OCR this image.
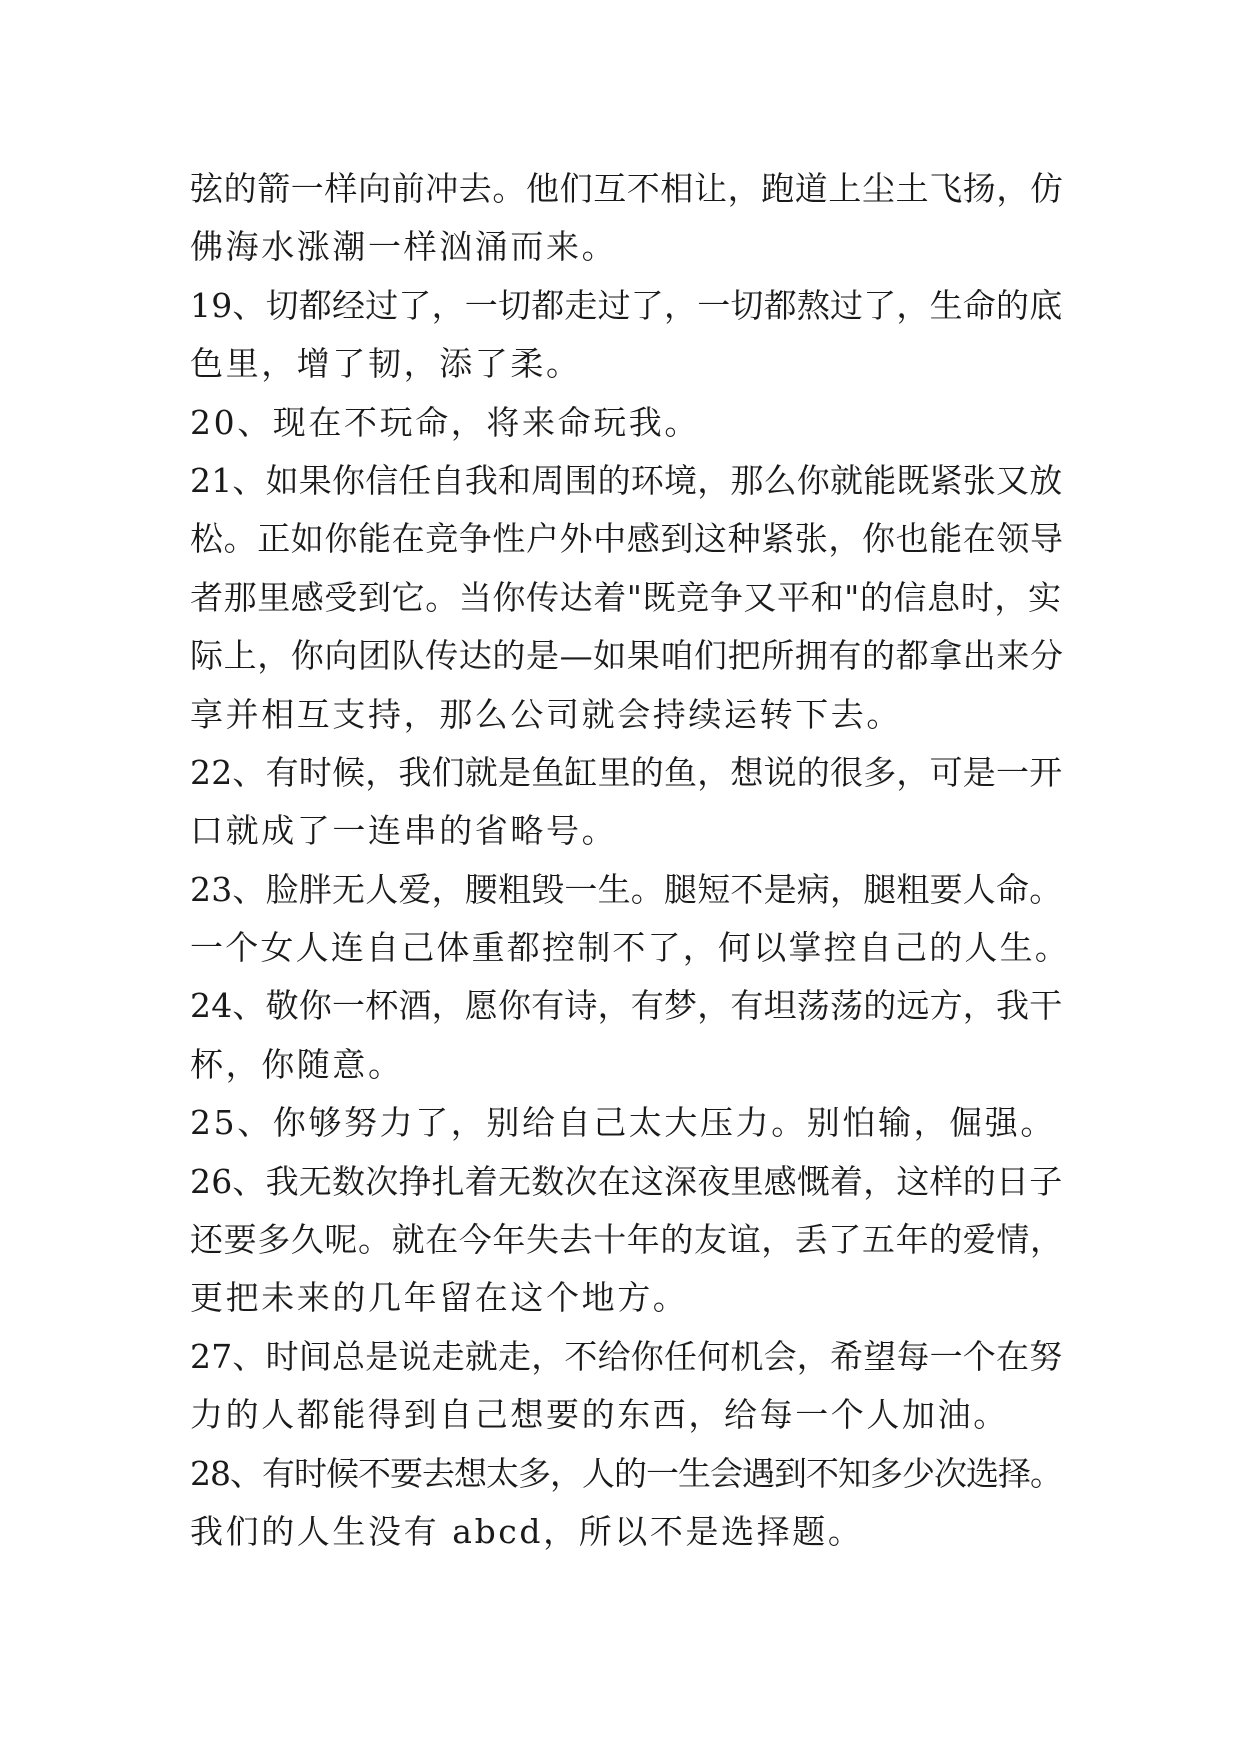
弦的箭一样向前冲去。他们互不相让，跑道上尘土飞扬，仿
佛海水涨潮一样汹涌而来。
19、切都经过了，一切都走过了，一切都熬过了，生命的底
色里，增了韧，添了柔。
20、现在不玩命，将来命玩我。
21、如果你信任自我和周围的环境，那么你就能既紧张又放
松。正如你能在竞争性户外中感到这种紧张，你也能在领导
者那里感受到它。当你传达着"既竞争又平和"的信息时，实
际上，你向团队传达的是—如果咱们把所拥有的都拿出来分
享并相互支持，那么公司就会持续运转下去。
22、有时候，我们就是鱼缸里的鱼，想说的很多，可是一开
口就成了一连串的省略号。
23、脸胖无人爱，腰粗毁一生。腿短不是病，腿粗要人命。
一个女人连自己体重都控制不了，何以掌控自己的人生。
24、敬你一杯酒，愿你有诗，有梦，有坦荡荡的远方，我干
杯，你随意。
25、你够努力了，别给自己太大压力。别怕输，倔强。
26、我无数次挣扎着无数次在这深夜里感慨着，这样的日子
还要多久呢。就在今年失去十年的友谊，丢了五年的爱情，
更把未来的几年留在这个地方。
27、时间总是说走就走，不给你任何机会，希望每一个在努
力的人都能得到自己想要的东西，给每一个人加油。
28、有时候不要去想太多，人的一生会遇到不知多少次选择。
我们的人生没有 abcd，所以不是选择题。
